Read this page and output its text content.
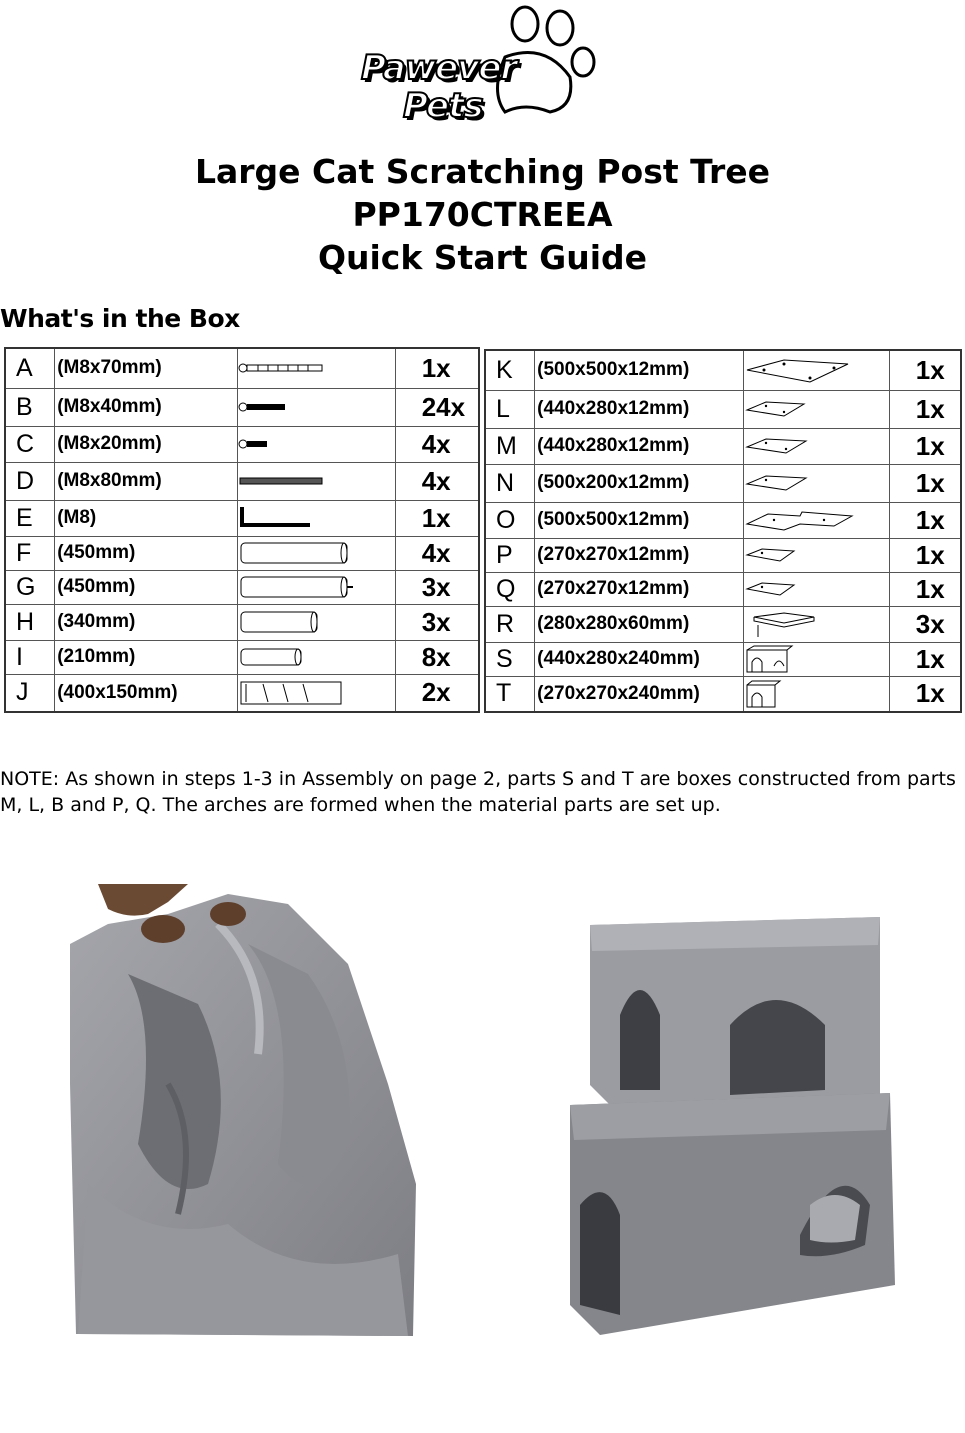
Pawever
Pets
Large Cat Scratching Post Tree
PP170CTREEA
Quick Start Guide
What's in the Box
A	(M8x70mm)		1x
B	(M8x40mm)		24x
C	(M8x20mm)		4x
D	(M8x80mm)		4x
E	(M8)		1x
F	(450mm)		4x
G	(450mm)		3x
H	(340mm)		3x
I	(210mm)		8x
J	(400x150mm)		2x
K	(500x500x12mm)		1x
L	(440x280x12mm)		1x
M	(440x280x12mm)		1x
N	(500x200x12mm)		1x
O	(500x500x12mm)		1x
P	(270x270x12mm)		1x
Q	(270x270x12mm)		1x
R	(280x280x60mm)		3x
S	(440x280x240mm)		1x
T	(270x270x240mm)		1x
NOTE: As shown in steps 1-3 in Assembly on page 2, parts S and T are boxes constructed from parts M, L, B and P, Q. The arches are formed when the material parts are set up.
